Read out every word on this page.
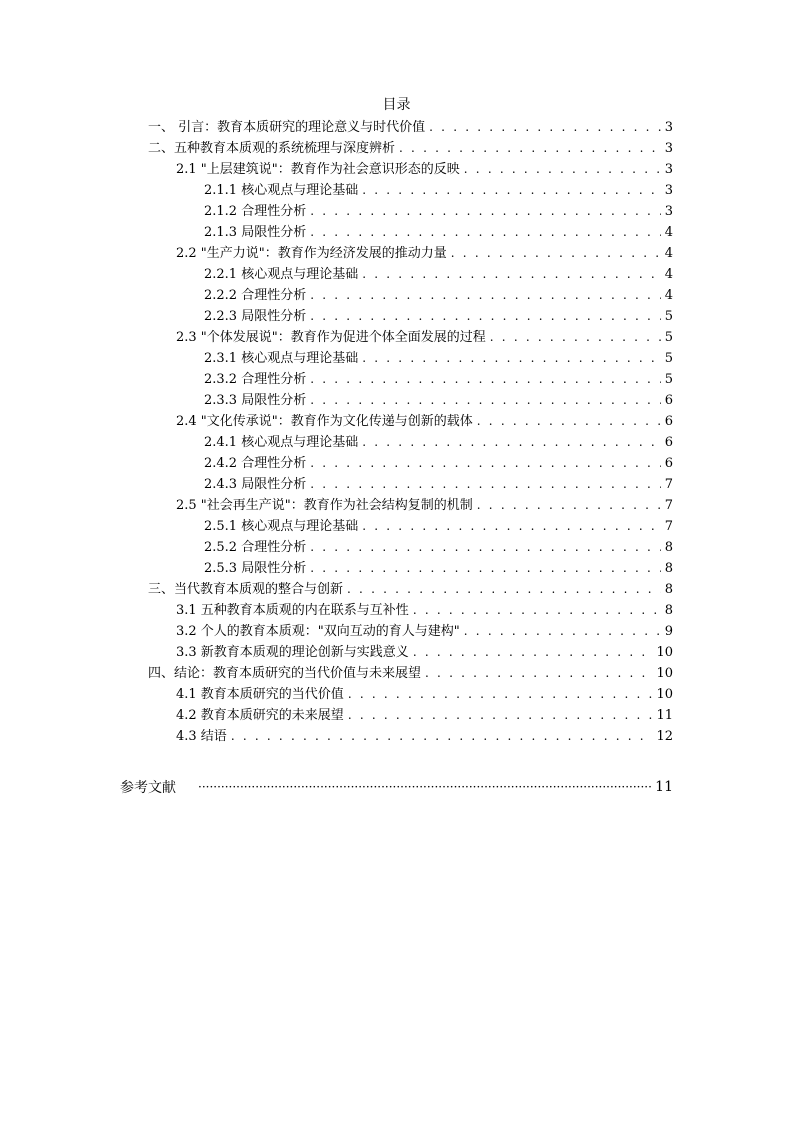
目录
一、 引言：教育本质研究的理论意义与时代价值 . . .	3
二、五种教育本质观的系统梳理与深度辨析 . . .	3
2.1 "上层建筑说"：教育作为社会意识形态的反映 . . .	3
2.1.1 核心观点与理论基础 . . .	3
2.1.2 合理性分析 . . .	3
2.1.3 局限性分析 . . .	4
2.2 "生产力说"：教育作为经济发展的推动力量 . . .	4
2.2.1 核心观点与理论基础 . . .	4
2.2.2 合理性分析 . . .	4
2.2.3 局限性分析 . . .	5
2.3 "个体发展说"：教育作为促进个体全面发展的过程 . . .	5
2.3.1 核心观点与理论基础 . . .	5
2.3.2 合理性分析 . . .	5
2.3.3 局限性分析 . . .	6
2.4 "文化传承说"：教育作为文化传递与创新的载体 . . .	6
2.4.1 核心观点与理论基础 . . .	6
2.4.2 合理性分析 . . .	6
2.4.3 局限性分析 . . .	7
2.5 "社会再生产说"：教育作为社会结构复制的机制 . . .	7
2.5.1 核心观点与理论基础 . . .	7
2.5.2 合理性分析 . . .	8
2.5.3 局限性分析 . . .	8
三、当代教育本质观的整合与创新 . . .	8
3.1 五种教育本质观的内在联系与互补性 . . .	8
3.2 个人的教育本质观："双向互动的育人与建构" . . .	9
3.3 新教育本质观的理论创新与实践意义 . . .	10
四、结论：教育本质研究的当代价值与未来展望 . . .	10
4.1 教育本质研究的当代价值 . . .	10
4.2 教育本质研究的未来展望 . . .	11
4.3 结语 . . .	12
参考文献 ·····	11
